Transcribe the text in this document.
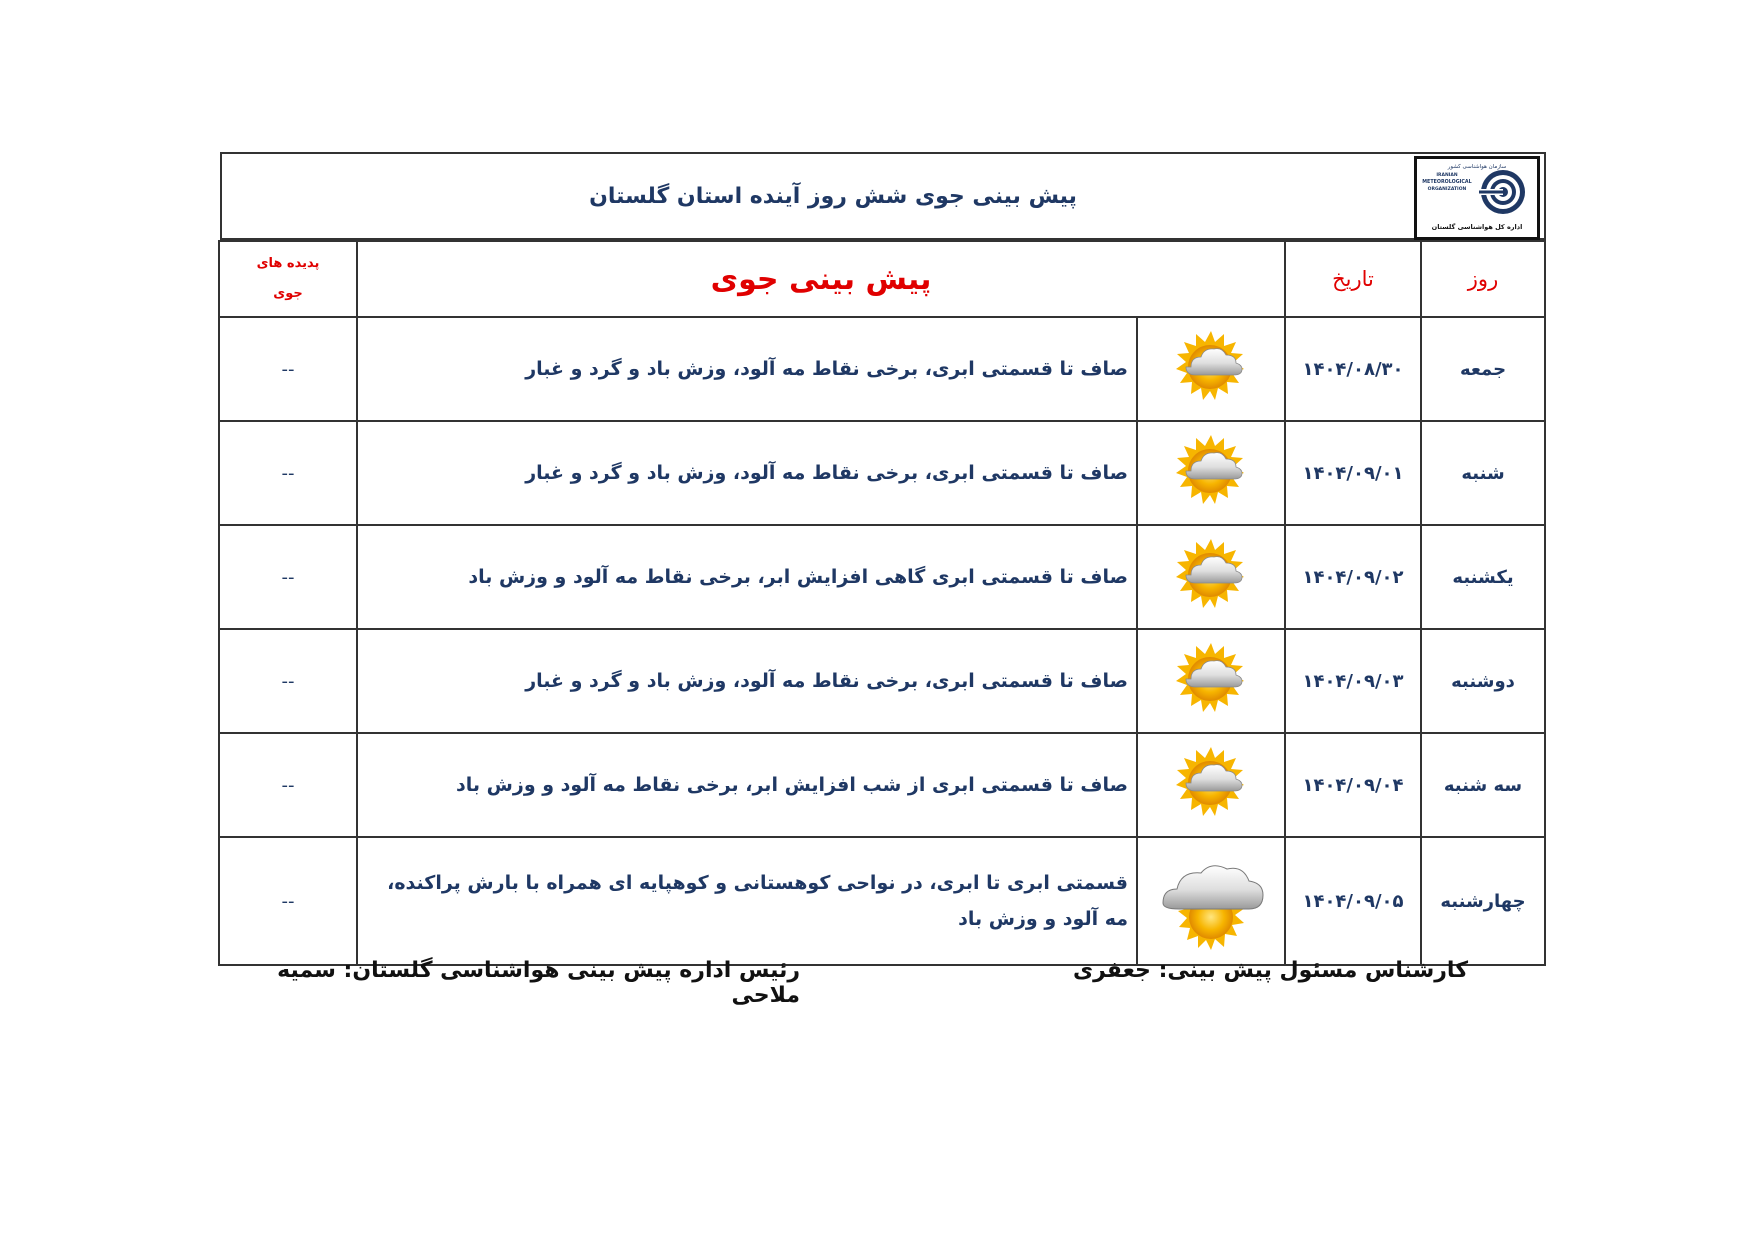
پیش بینی جوی شش روز آینده استان گلستان
سازمان هواشناسی کشور
IRANIAN
METEOROLOGICAL
ORGANIZATION
اداره کل هواشناسی گلستان
روز	تاریخ	پیش بینی جوی		پدیده های
جوی

جمعه	۱۴۰۴/۰۸/۳۰		صاف تا قسمتی ابری، برخی نقاط مه آلود، وزش باد و گرد و غبار	--
شنبه	۱۴۰۴/۰۹/۰۱		صاف تا قسمتی ابری، برخی نقاط مه آلود، وزش باد و گرد و غبار	--
یکشنبه	۱۴۰۴/۰۹/۰۲		صاف تا قسمتی ابری گاهی افزایش ابر، برخی نقاط مه آلود و وزش باد	--
دوشنبه	۱۴۰۴/۰۹/۰۳		صاف تا قسمتی ابری، برخی نقاط مه آلود، وزش باد و گرد و غبار	--
سه شنبه	۱۴۰۴/۰۹/۰۴		صاف تا قسمتی ابری از شب افزایش ابر، برخی نقاط مه آلود و وزش باد	--
چهارشنبه	۱۴۰۴/۰۹/۰۵		قسمتی ابری تا ابری، در نواحی کوهستانی و کوهپایه ای همراه با بارش پراکنده،
مه آلود و وزش باد	--
کارشناس مسئول پیش بینی: جعفری
رئیس اداره پیش بینی هواشناسی گلستان: سمیه ملاحی
